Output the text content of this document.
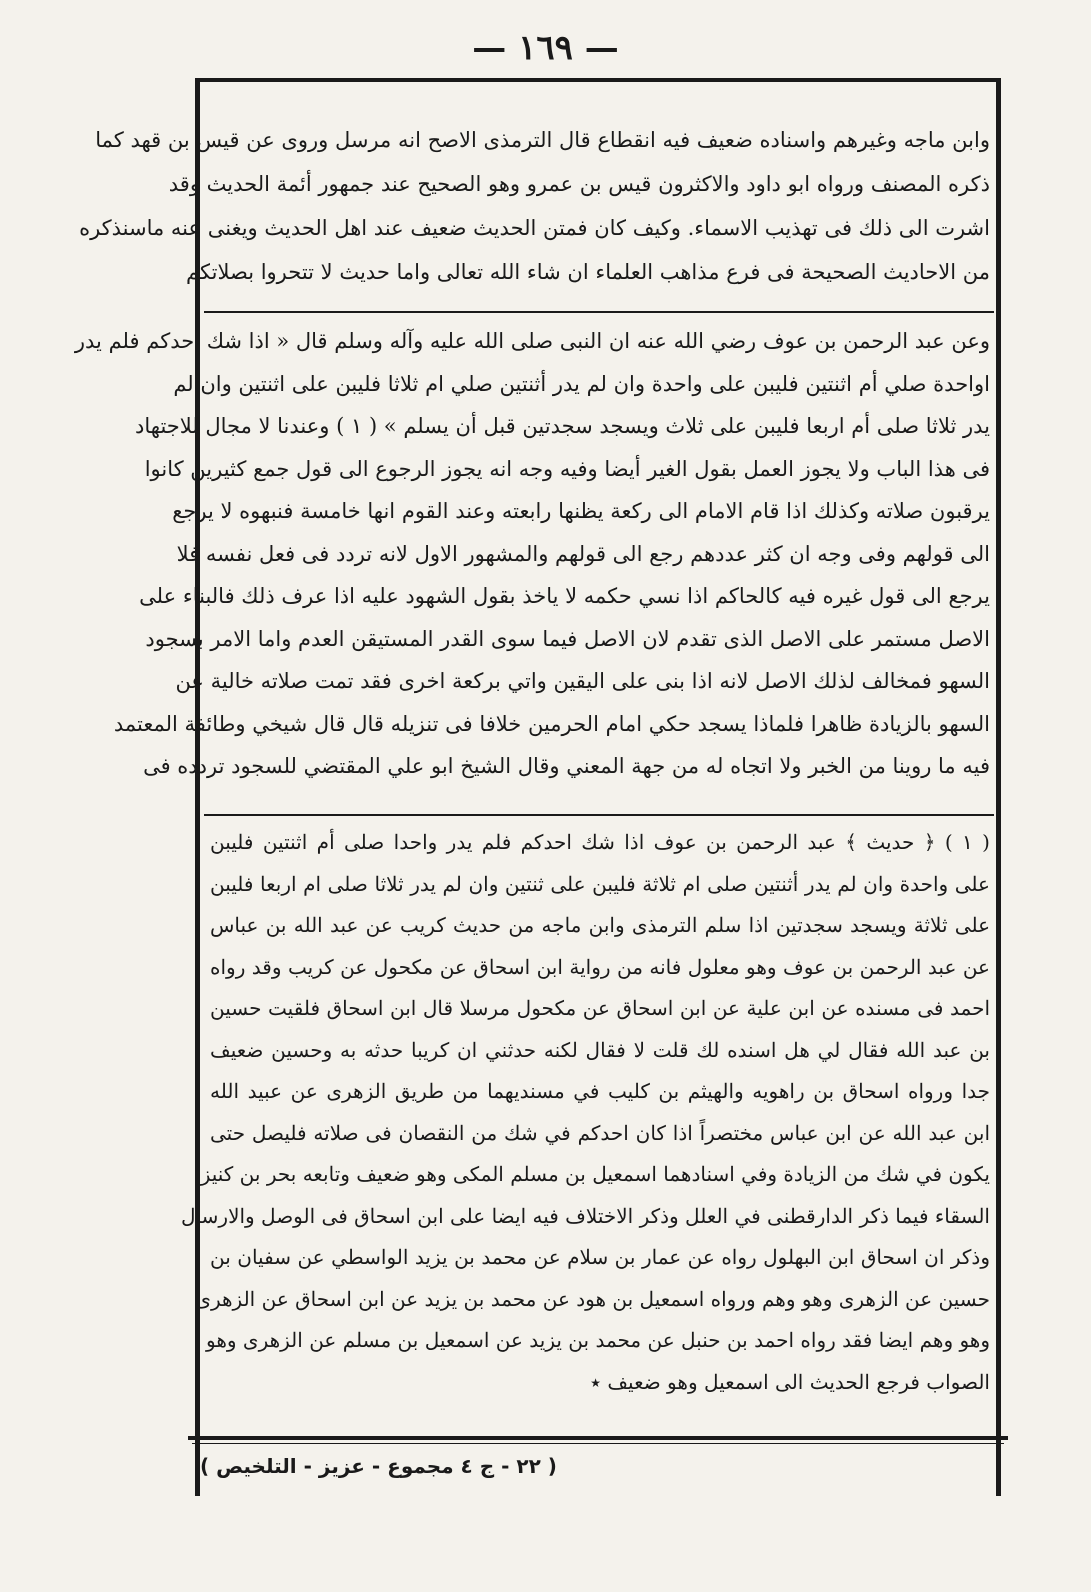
— ١٦٩ —
وابن ماجه وغيرهم واسناده ضعيف فيه انقطاع قال الترمذى الاصح انه مرسل وروى عن قيس بن قهد كما
ذكره المصنف ورواه ابو داود والاكثرون قيس بن عمرو وهو الصحيح عند جمهور أئمة الحديث وقد
اشرت الى ذلك فى تهذيب الاسماء. وكيف كان فمتن الحديث ضعيف عند اهل الحديث ويغنى عنه ماسنذكره
من الاحاديث الصحيحة فى فرع مذاهب العلماء ان شاء الله تعالى واما حديث لا تتحروا بصلاتكم
وعن عبد الرحمن بن عوف رضي الله عنه ان النبى صلى الله عليه وآله وسلم قال « اذا شك احدكم فلم يدر
اواحدة صلي أم اثنتين فليبن على واحدة وان لم يدر أثنتين صلي ام ثلاثا فليبن على اثنتين وان لم
يدر ثلاثا صلى أم اربعا فليبن على ثلاث ويسجد سجدتين قبل أن يسلم » ( ١ ) وعندنا لا مجال للاجتهاد
فى هذا الباب ولا يجوز العمل بقول الغير أيضا وفيه وجه انه يجوز الرجوع الى قول جمع كثيرين كانوا
يرقبون صلاته وكذلك اذا قام الامام الى ركعة يظنها رابعته وعند القوم انها خامسة فنبهوه لا يرجع
الى قولهم وفى وجه ان كثر عددهم رجع الى قولهم والمشهور الاول لانه تردد فى فعل نفسه فلا
يرجع الى قول غيره فيه كالحاكم اذا نسي حكمه لا ياخذ بقول الشهود عليه اذا عرف ذلك فالبناء على
الاصل مستمر على الاصل الذى تقدم لان الاصل فيما سوى القدر المستيقن العدم واما الامر بسجود
السهو فمخالف لذلك الاصل لانه اذا بنى على اليقين واتي بركعة اخرى فقد تمت صلاته خالية عن
السهو بالزيادة ظاهرا فلماذا يسجد حكي امام الحرمين خلافا فى تنزيله قال قال شيخي وطائفة المعتمد
فيه ما روينا من الخبر ولا اتجاه له من جهة المعني وقال الشيخ ابو علي المقتضي للسجود تردده فى
( ١ ) ﴿ حديث ﴾ عبد الرحمن بن عوف اذا شك احدكم فلم يدر واحدا صلى أم اثنتين فليبن
على واحدة وان لم يدر أثنتين صلى ام ثلاثة فليبن على ثنتين وان لم يدر ثلاثا صلى ام اربعا فليبن
على ثلاثة ويسجد سجدتين اذا سلم الترمذى وابن ماجه من حديث كريب عن عبد الله بن عباس
عن عبد الرحمن بن عوف وهو معلول فانه من رواية ابن اسحاق عن مكحول عن كريب وقد رواه
احمد فى مسنده عن ابن علية عن ابن اسحاق عن مكحول مرسلا قال ابن اسحاق فلقيت حسين
بن عبد الله فقال لي هل اسنده لك قلت لا فقال لكنه حدثني ان كريبا حدثه به وحسين ضعيف
جدا ورواه اسحاق بن راهويه والهيثم بن كليب في مسنديهما من طريق الزهرى عن عبيد الله
ابن عبد الله عن ابن عباس مختصراً اذا كان احدكم في شك من النقصان فى صلاته فليصل حتى
يكون في شك من الزيادة وفي اسنادهما اسمعيل بن مسلم المكى وهو ضعيف وتابعه بحر بن كنيز
السقاء فيما ذكر الدارقطنى في العلل وذكر الاختلاف فيه ايضا على ابن اسحاق فى الوصل والارسال
وذكر ان اسحاق ابن البهلول رواه عن عمار بن سلام عن محمد بن يزيد الواسطي عن سفيان بن
حسين عن الزهرى وهو وهم ورواه اسمعيل بن هود عن محمد بن يزيد عن ابن اسحاق عن الزهرى
وهو وهم ايضا فقد رواه احمد بن حنبل عن محمد بن يزيد عن اسمعيل بن مسلم عن الزهرى وهو
الصواب فرجع الحديث الى اسمعيل وهو ضعيف ٭
( ٢٢ - ج ٤ مجموع - عزيز - التلخيص )
